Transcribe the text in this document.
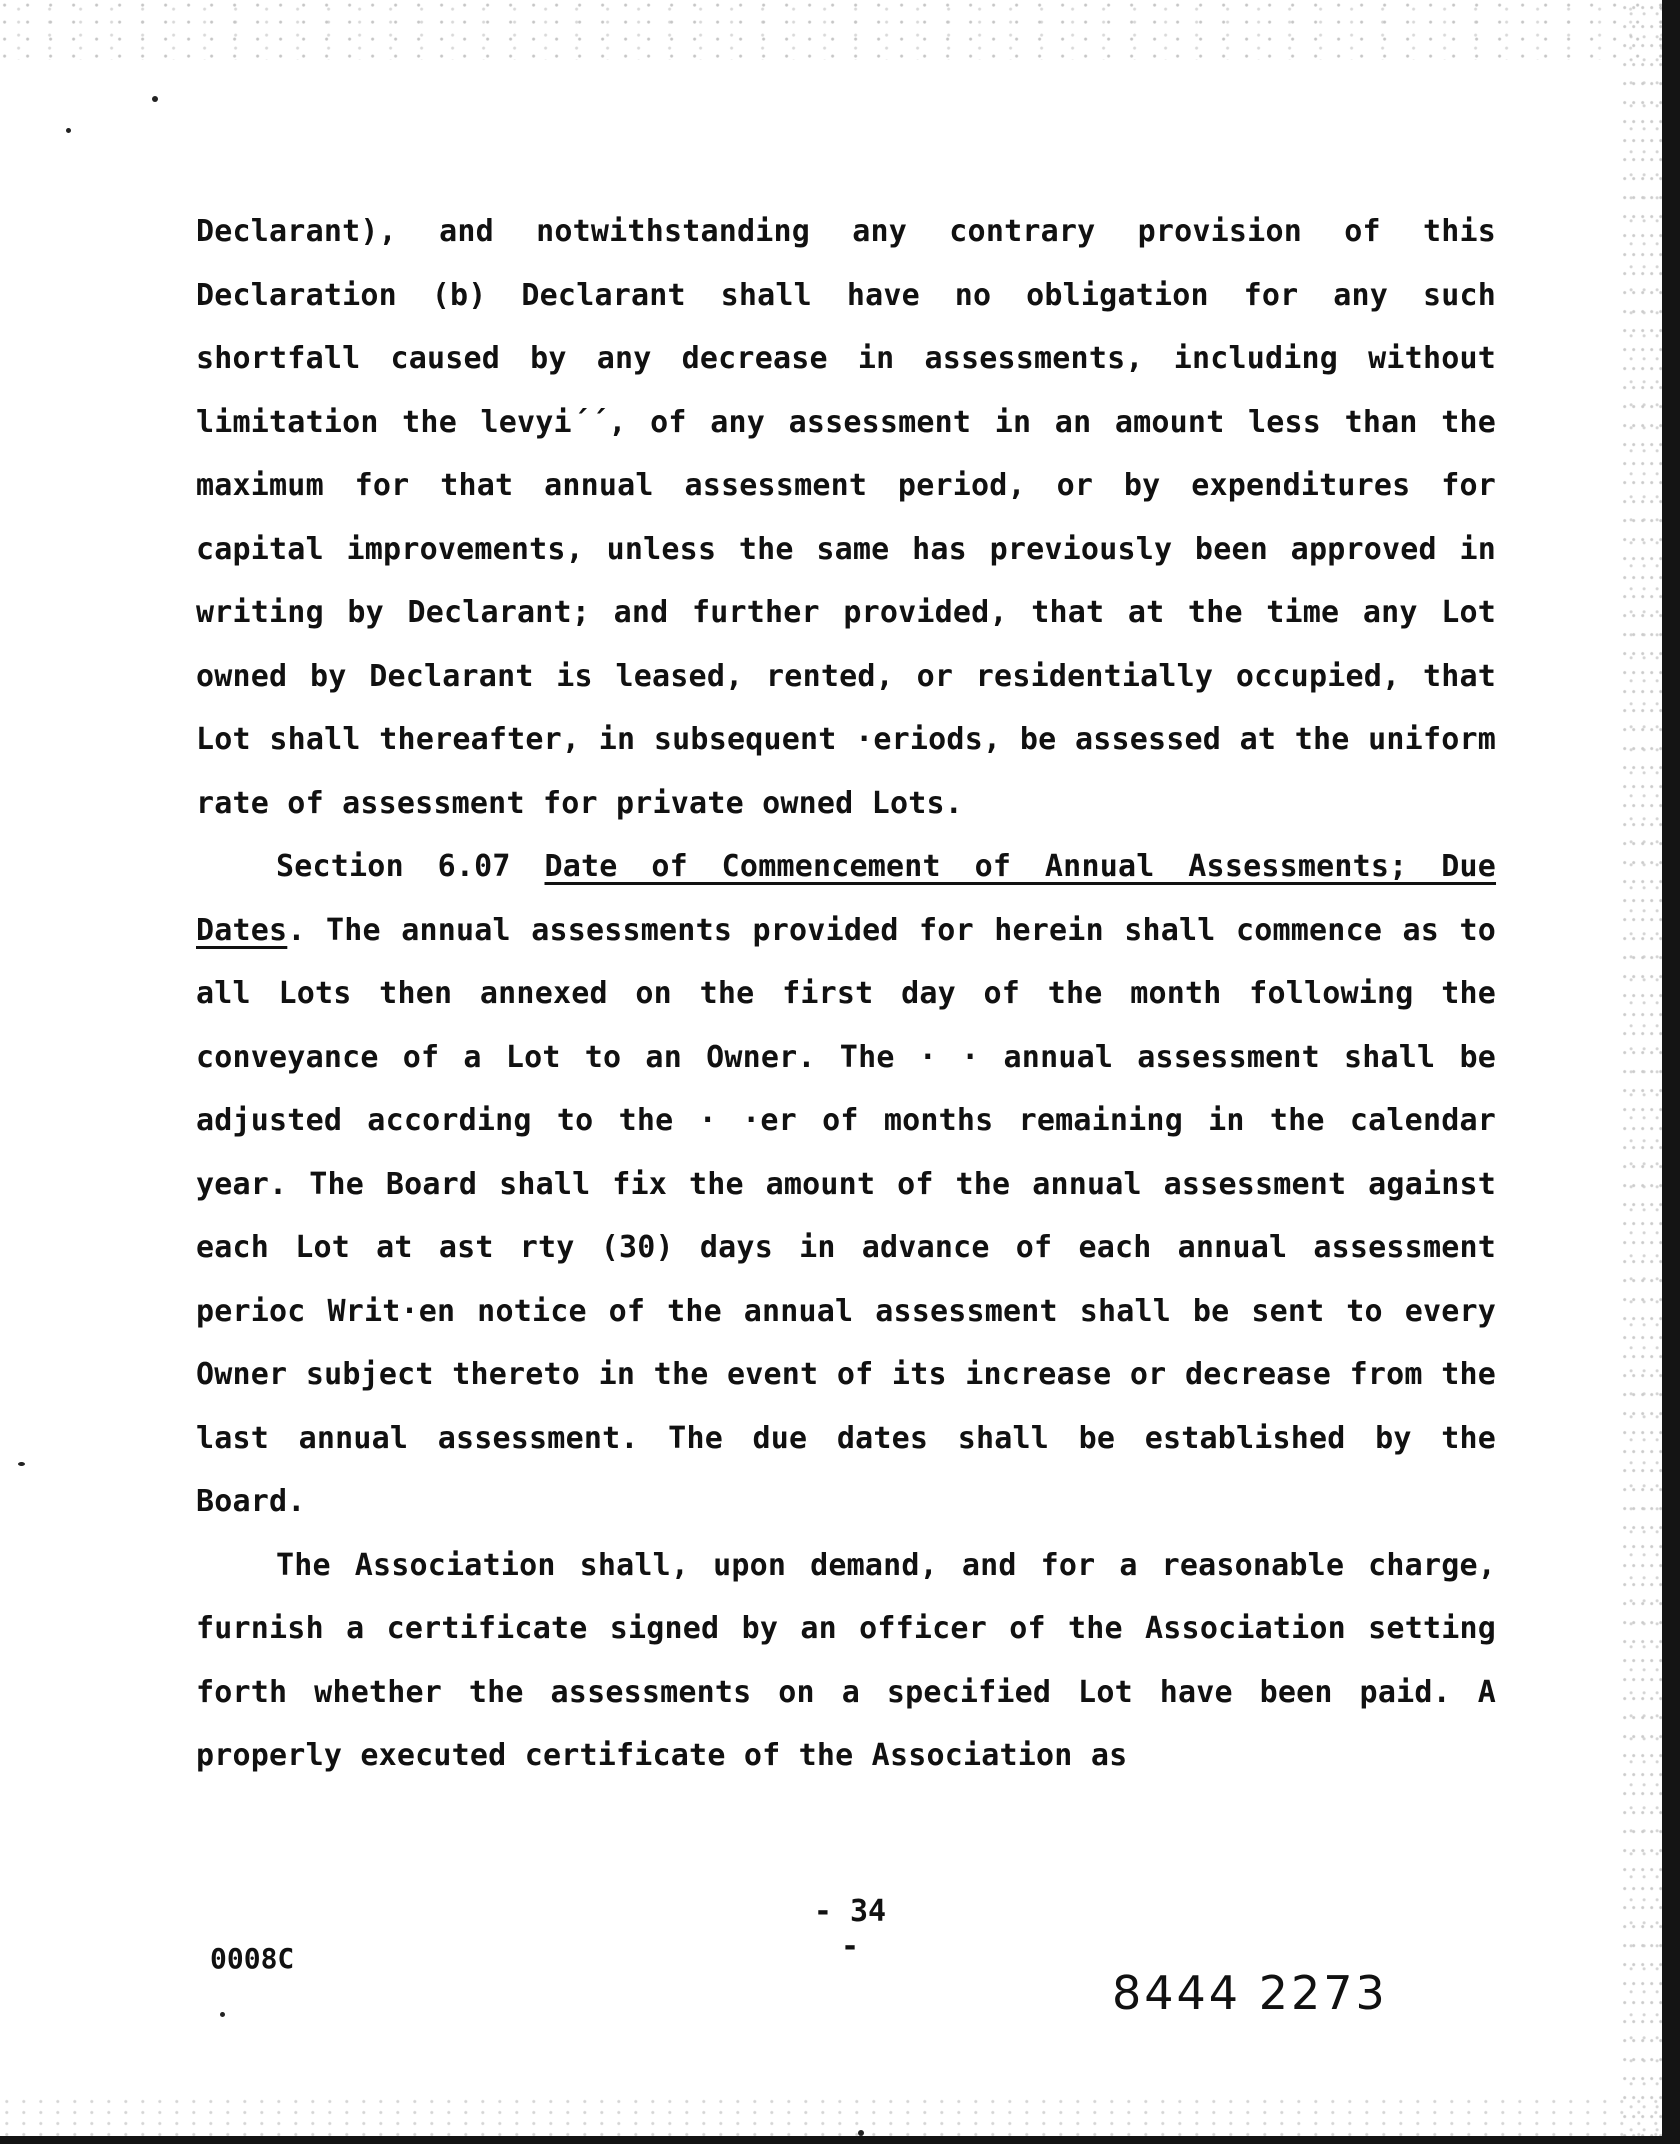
Declarant), and notwithstanding any contrary provision of this Declaration (b) Declarant shall have no obligation for any such shortfall caused by any decrease in assessments, including without limitation the levyi´´, of any assessment in an amount less than the maximum for that annual assessment period, or by expenditures for capital improvements, unless the same has previously been approved in writing by Declarant; and further provided, that at the time any Lot owned by Declarant is leased, rented, or residentially occupied, that Lot shall thereafter, in subsequent ·eriods, be assessed at the uniform rate of assessment for private owned Lots.

Section 6.07 Date of Commencement of Annual Assessments; Due Dates. The annual assessments provided for herein shall commence as to all Lots then annexed on the first day of the month following the conveyance of a Lot to an Owner. The · · annual assessment shall be adjusted according to the · ·er of months remaining in the calendar year. The Board shall fix the amount of the annual assessment against each Lot at ast rty (30) days in advance of each annual assessment perioc Writ·en notice of the annual assessment shall be sent to every Owner subject thereto in the event of its increase or decrease from the last annual assessment. The due dates shall be established by the Board.

The Association shall, upon demand, and for a reasonable charge, furnish a certificate signed by an officer of the Association setting forth whether the assessments on a specified Lot have been paid. A properly executed certificate of the Association as

- 34 -
0008C
8444 2273
